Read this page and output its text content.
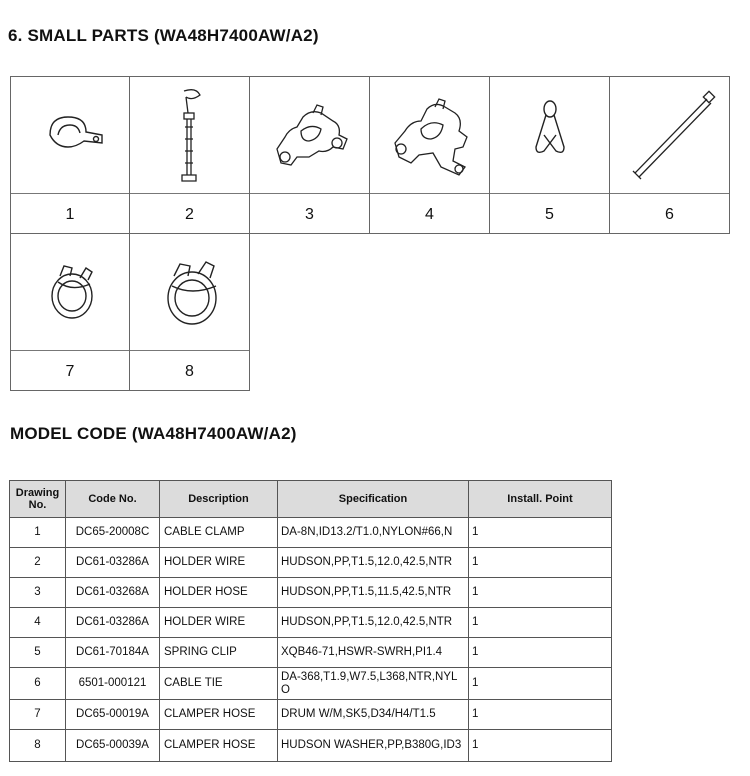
6. SMALL PARTS (WA48H7400AW/A2)
1	2	3	4	5	6
7	8
MODEL CODE (WA48H7400AW/A2)
Drawing
No.	Code No.	Description	Specification	Install. Point
1	DC65-20008C	CABLE CLAMP	DA-8N,ID13.2/T1.0,NYLON#66,N	1
2	DC61-03286A	HOLDER WIRE	HUDSON,PP,T1.5,12.0,42.5,NTR	1
3	DC61-03268A	HOLDER HOSE	HUDSON,PP,T1.5,11.5,42.5,NTR	1
4	DC61-03286A	HOLDER WIRE	HUDSON,PP,T1.5,12.0,42.5,NTR	1
5	DC61-70184A	SPRING CLIP	XQB46-71,HSWR-SWRH,PI1.4	1
6	6501-000121	CABLE TIE	DA-368,T1.9,W7.5,L368,NTR,NYLO	1
7	DC65-00019A	CLAMPER HOSE	DRUM W/M,SK5,D34/H4/T1.5	1
8	DC65-00039A	CLAMPER HOSE	HUDSON WASHER,PP,B380G,ID3	1
